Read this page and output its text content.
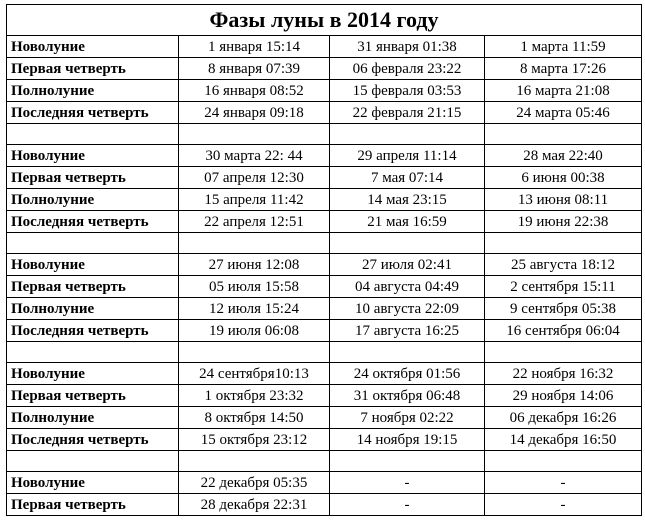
Фазы луны в 2014 году			
Новолуние	1 января 15:14	31 января 01:38	1 марта 11:59
Первая четверть	8 января 07:39	06 февраля 23:22	8 марта 17:26
Полнолуние	16 января 08:52	15 февраля 03:53	16 марта 21:08
Последняя четверть	24 января 09:18	22 февраля 21:15	24 марта 05:46

Новолуние	30 марта 22: 44	29 апреля 11:14	28 мая 22:40
Первая четверть	07 апреля 12:30	7 мая 07:14	6 июня 00:38
Полнолуние	15 апреля 11:42	14 мая 23:15	13 июня 08:11
Последняя четверть	22 апреля 12:51	21 мая 16:59	19 июня 22:38

Новолуние	27 июня 12:08	27 июля 02:41	25 августа 18:12
Первая четверть	05 июля 15:58	04 августа 04:49	2 сентября 15:11
Полнолуние	12 июля 15:24	10 августа 22:09	9 сентября 05:38
Последняя четверть	19 июля 06:08	17 августа 16:25	16 сентября 06:04

Новолуние	24 сентября10:13	24 октября 01:56	22 ноября 16:32
Первая четверть	1 октября 23:32	31 октября 06:48	29 ноября 14:06
Полнолуние	8 октября 14:50	7 ноября 02:22	06 декабря 16:26
Последняя четверть	15 октября 23:12	14 ноября 19:15	14 декабря 16:50

Новолуние	22 декабря 05:35	-	-
Первая четверть	28 декабря 22:31	-	-
